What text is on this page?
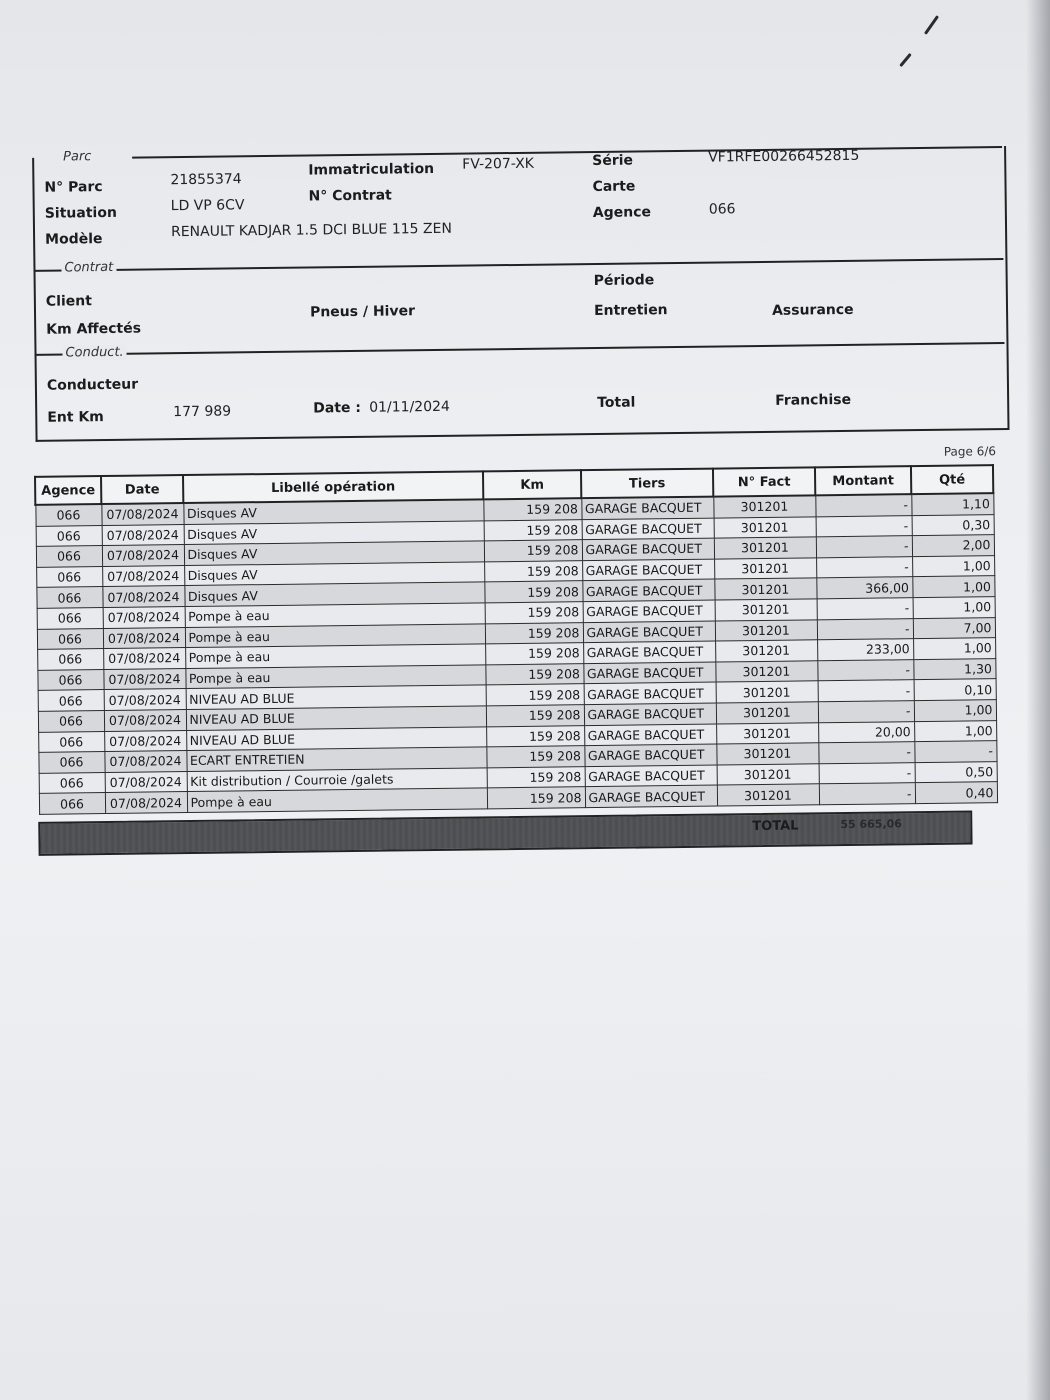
Parc
N° Parc	21855374
Situation	LD VP 6CV
Modèle	RENAULT KADJAR 1.5 DCI BLUE 115 ZEN
Immatriculation FV-207-XK
N° Contrat
Série	VF1RFE00266452815
Carte
Agence	066
Contrat
Client
Km Affectés
Pneus / Hiver
Période
Entretien	Assurance
Conduct.
Conducteur
Ent Km	177 989	Date : 01/11/2024	Total	Franchise
Page 6/6
Agence	Date	Libellé opération	Km	Tiers	N° Fact	Montant	Qté
066	07/08/2024	Disques AV	159 208	GARAGE BACQUET	301201	-	1,10
066	07/08/2024	Disques AV	159 208	GARAGE BACQUET	301201	-	0,30
066	07/08/2024	Disques AV	159 208	GARAGE BACQUET	301201	-	2,00
066	07/08/2024	Disques AV	159 208	GARAGE BACQUET	301201	-	1,00
066	07/08/2024	Disques AV	159 208	GARAGE BACQUET	301201	366,00	1,00
066	07/08/2024	Pompe à eau	159 208	GARAGE BACQUET	301201	-	1,00
066	07/08/2024	Pompe à eau	159 208	GARAGE BACQUET	301201	-	7,00
066	07/08/2024	Pompe à eau	159 208	GARAGE BACQUET	301201	233,00	1,00
066	07/08/2024	Pompe à eau	159 208	GARAGE BACQUET	301201	-	1,30
066	07/08/2024	NIVEAU AD BLUE	159 208	GARAGE BACQUET	301201	-	0,10
066	07/08/2024	NIVEAU AD BLUE	159 208	GARAGE BACQUET	301201	-	1,00
066	07/08/2024	NIVEAU AD BLUE	159 208	GARAGE BACQUET	301201	20,00	1,00
066	07/08/2024	ECART ENTRETIEN	159 208	GARAGE BACQUET	301201	-	-
066	07/08/2024	Kit distribution / Courroie /galets	159 208	GARAGE BACQUET	301201	-	0,50
066	07/08/2024	Pompe à eau	159 208	GARAGE BACQUET	301201	-	0,40
TOTAL	55 665,06
